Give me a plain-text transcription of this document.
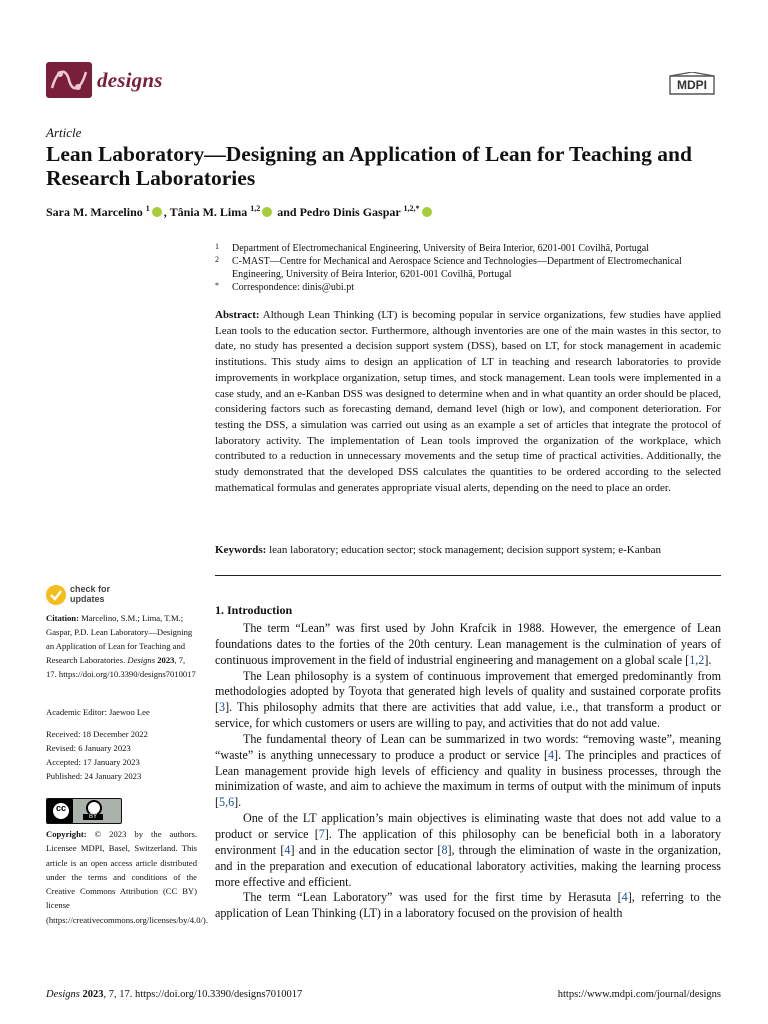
designs	MDPI
Article
Lean Laboratory—Designing an Application of Lean for Teaching and Research Laboratories
Sara M. Marcelino $^1$ , Tânia M. Lima $^{1,2}$ and Pedro Dinis Gaspar $^{1,2,*}$
1	Department of Electromechanical Engineering, University of Beira Interior, 6201-001 Covilhã, Portugal
2	C-MAST—Centre for Mechanical and Aerospace Science and Technologies—Department of Electromechanical Engineering, University of Beira Interior, 6201-001 Covilhã, Portugal
*	Correspondence: dinis@ubi.pt
Abstract: Although Lean Thinking (LT) is becoming popular in service organizations, few studies have applied Lean tools to the education sector. Furthermore, although inventories are one of the main wastes in this sector, to date, no study has presented a decision support system (DSS), based on LT, for stock management in academic institutions. This study aims to design an application of LT in teaching and research laboratories to provide improvements in workplace organization, setup times, and stock management. Lean tools were implemented in a case study, and an e-Kanban DSS was designed to determine when and in what quantity an order should be placed, considering factors such as forecasting demand, demand level (high or low), and component deterioration. For testing the DSS, a simulation was carried out using as an example a set of articles that integrate the protocol of laboratory activity. The implementation of Lean tools improved the organization of the workplace, which contributed to a reduction in unnecessary movements and the setup time of practical activities. Additionally, the study demonstrated that the developed DSS calculates the quantities to be ordered according to the selected mathematical formulas and generates appropriate visual alerts, depending on the need to place an order.
Keywords: lean laboratory; education sector; stock management; decision support system; e-Kanban
check for
updates

Citation: Marcelino, S.M.; Lima, T.M.; Gaspar, P.D. Lean Laboratory—Designing an Application of Lean for Teaching and Research Laboratories. Designs 2023, 7, 17. https://doi.org/10.3390/designs7010017

Academic Editor: Jaewoo Lee

Received: 18 December 2022

Revised: 6 January 2023

Accepted: 17 January 2023

Published: 24 January 2023

cc
BY
Copyright: © 2023 by the authors. Licensee MDPI, Basel, Switzerland. This article is an open access article distributed under the terms and conditions of the Creative Commons Attribution (CC BY) license (https://creativecommons.org/licenses/by/4.0/).
1. Introduction

The term “Lean” was first used by John Krafcik in 1988. However, the emergence of Lean foundations dates to the forties of the 20th century. Lean management is the culmination of years of continuous improvement in the field of industrial engineering and management on a global scale [1,2].

The Lean philosophy is a system of continuous improvement that emerged predominantly from methodologies adopted by Toyota that generated high levels of quality and sustained corporate profits [3]. This philosophy admits that there are activities that add value, i.e., that transform a product or service, for which customers or users are willing to pay, and activities that do not add value.

The fundamental theory of Lean can be summarized in two words: “removing waste”, meaning “waste” is anything unnecessary to produce a product or service [4]. The principles and practices of Lean management provide high levels of efficiency and quality in business processes, through the minimization of waste, and aim to achieve the maximum in terms of output with the minimum of inputs [5,6].

One of the LT application’s main objectives is eliminating waste that does not add value to a product or service [7]. The application of this philosophy can be beneficial both in a laboratory environment [4] and in the education sector [8], through the elimination of waste in the organization, and in the preparation and execution of educational laboratory activities, making the learning process more effective and efficient.

The term “Lean Laboratory” was used for the first time by Herasuta [4], referring to the application of Lean Thinking (LT) in a laboratory focused on the provision of health

Designs 2023, 7, 17. https://doi.org/10.3390/designs7010017	https://www.mdpi.com/journal/designs
